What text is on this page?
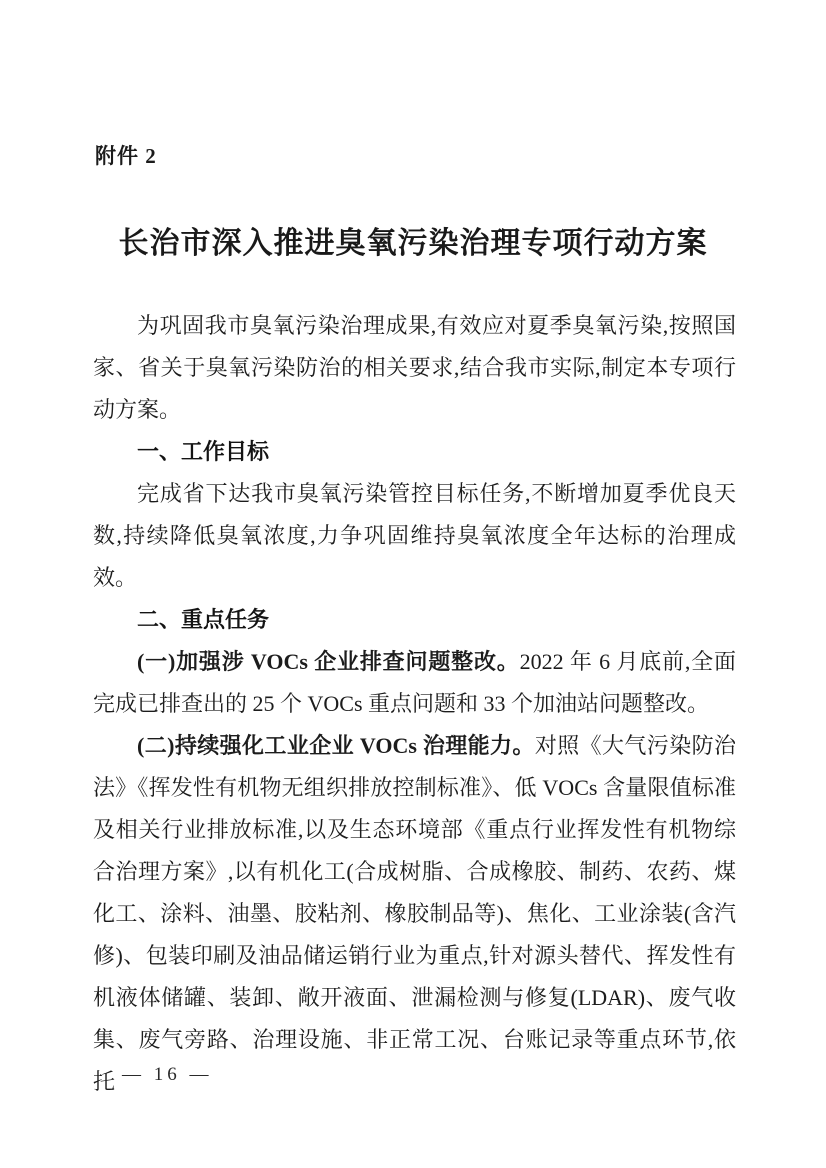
附件 2
长治市深入推进臭氧污染治理专项行动方案

为巩固我市臭氧污染治理成果,有效应对夏季臭氧污染,按照国家、省关于臭氧污染防治的相关要求,结合我市实际,制定本专项行动方案。

一、工作目标

完成省下达我市臭氧污染管控目标任务,不断增加夏季优良天数,持续降低臭氧浓度,力争巩固维持臭氧浓度全年达标的治理成效。

二、重点任务

(一)加强涉 VOCs 企业排查问题整改。2022 年 6 月底前,全面完成已排查出的 25 个 VOCs 重点问题和 33 个加油站问题整改。

(二)持续强化工业企业 VOCs 治理能力。对照《大气污染防治法》《挥发性有机物无组织排放控制标准》、低 VOCs 含量限值标准及相关行业排放标准,以及生态环境部《重点行业挥发性有机物综合治理方案》,以有机化工(合成树脂、合成橡胶、制药、农药、煤化工、涂料、油墨、胶粘剂、橡胶制品等)、焦化、工业涂装(含汽修)、包装印刷及油品储运销行业为重点,针对源头替代、挥发性有机液体储罐、装卸、敞开液面、泄漏检测与修复(LDAR)、废气收集、废气旁路、治理设施、非正常工况、台账记录等重点环节,依托 — 16 —
